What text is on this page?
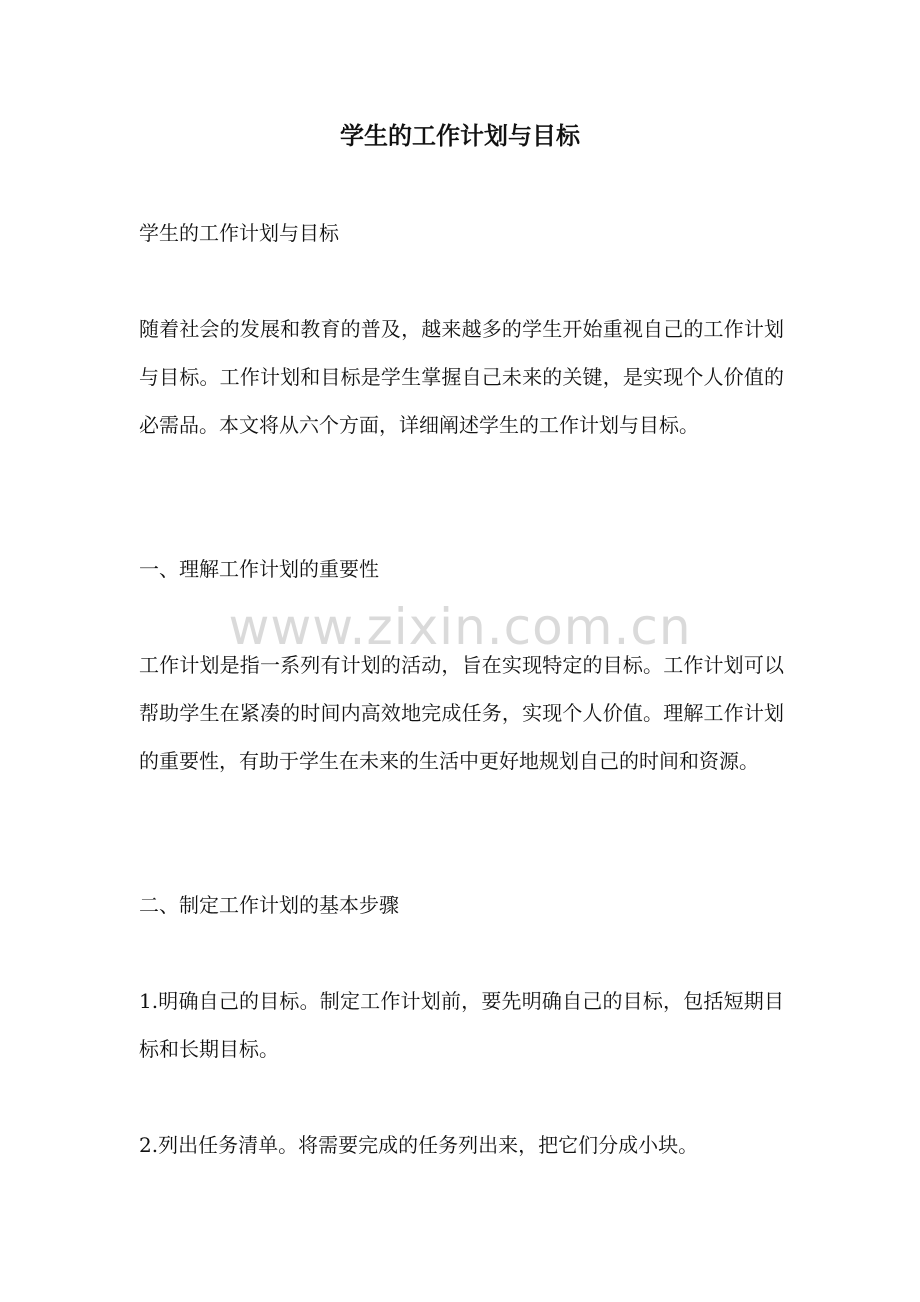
学生的工作计划与目标

学生的工作计划与目标

随着社会的发展和教育的普及，越来越多的学生开始重视自己的工作计划与目标。工作计划和目标是学生掌握自己未来的关键，是实现个人价值的必需品。本文将从六个方面，详细阐述学生的工作计划与目标。

一、理解工作计划的重要性

工作计划是指一系列有计划的活动，旨在实现特定的目标。工作计划可以帮助学生在紧凑的时间内高效地完成任务，实现个人价值。理解工作计划的重要性，有助于学生在未来的生活中更好地规划自己的时间和资源。

二、制定工作计划的基本步骤

1.明确自己的目标。制定工作计划前，要先明确自己的目标，包括短期目标和长期目标。

2.列出任务清单。将需要完成的任务列出来，把它们分成小块。

www.zixin.com.cn
